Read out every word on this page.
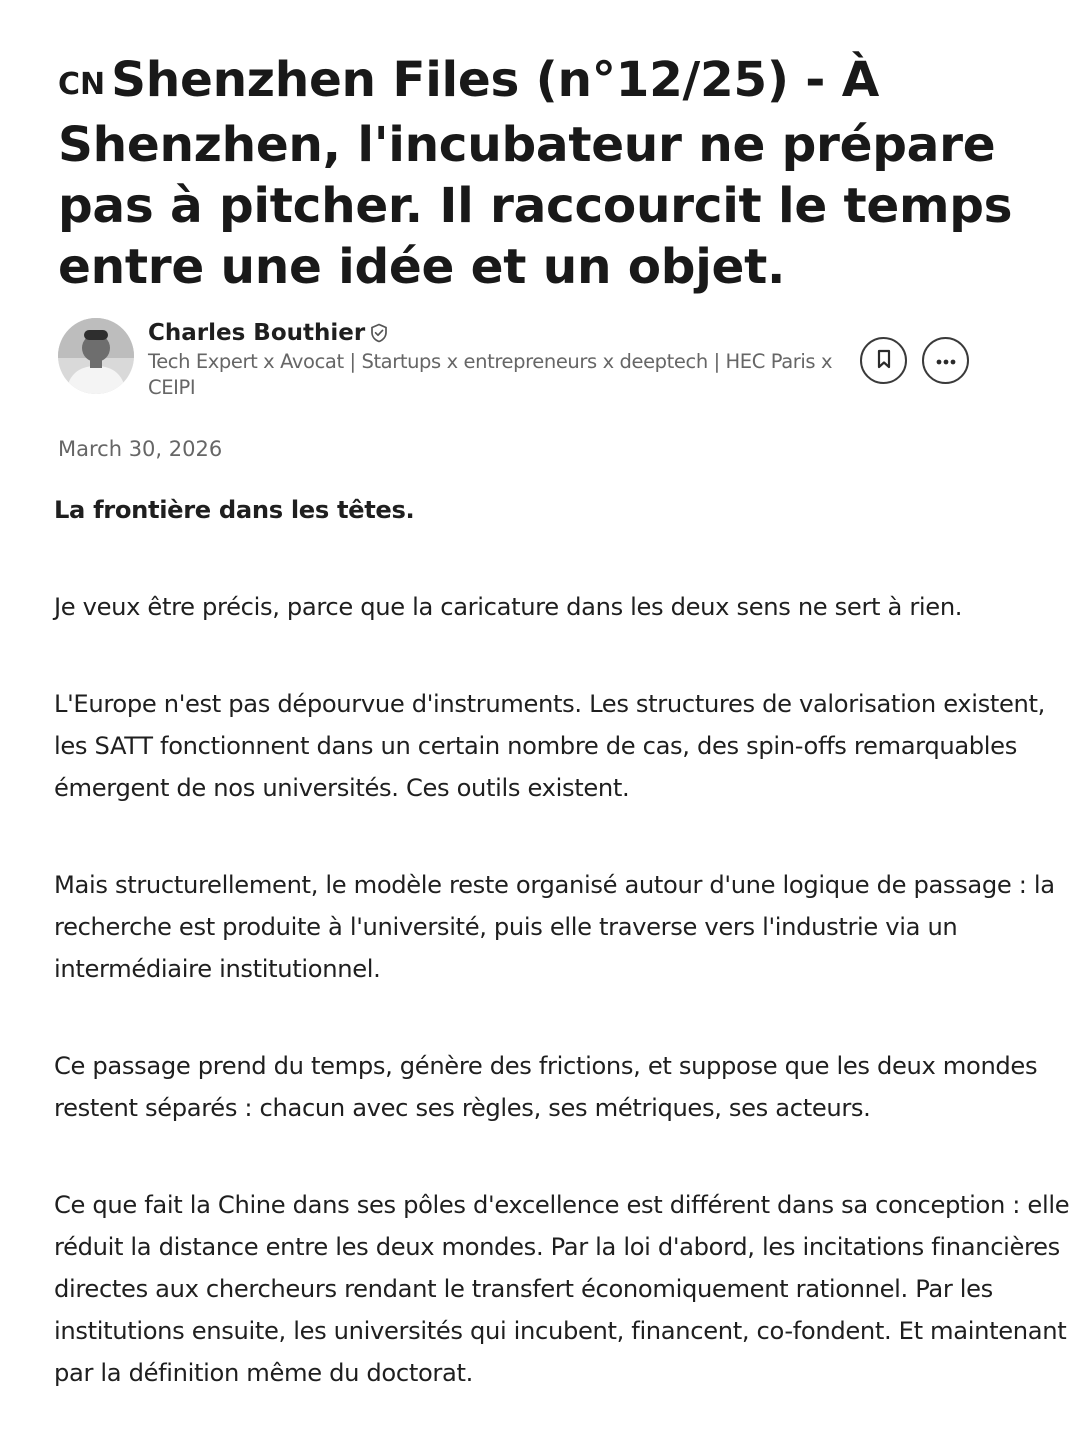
CN Shenzhen Files (n°12/25) - À Shenzhen, l'incubateur ne prépare pas à pitcher. Il raccourcit le temps entre une idée et un objet.
Charles Bouthier
Tech Expert x Avocat | Startups x entrepreneurs x deeptech | HEC Paris x CEIPI
March 30, 2026

La frontière dans les têtes.

Je veux être précis, parce que la caricature dans les deux sens ne sert à rien.

L'Europe n'est pas dépourvue d'instruments. Les structures de valorisation existent, les SATT fonctionnent dans un certain nombre de cas, des spin-offs remarquables émergent de nos universités. Ces outils existent.

Mais structurellement, le modèle reste organisé autour d'une logique de passage : la recherche est produite à l'université, puis elle traverse vers l'industrie via un intermédiaire institutionnel.

Ce passage prend du temps, génère des frictions, et suppose que les deux mondes restent séparés : chacun avec ses règles, ses métriques, ses acteurs.

Ce que fait la Chine dans ses pôles d'excellence est différent dans sa conception : elle réduit la distance entre les deux mondes. Par la loi d'abord, les incitations financières directes aux chercheurs rendant le transfert économiquement rationnel. Par les institutions ensuite, les universités qui incubent, financent, co-fondent. Et maintenant par la définition même du doctorat.
